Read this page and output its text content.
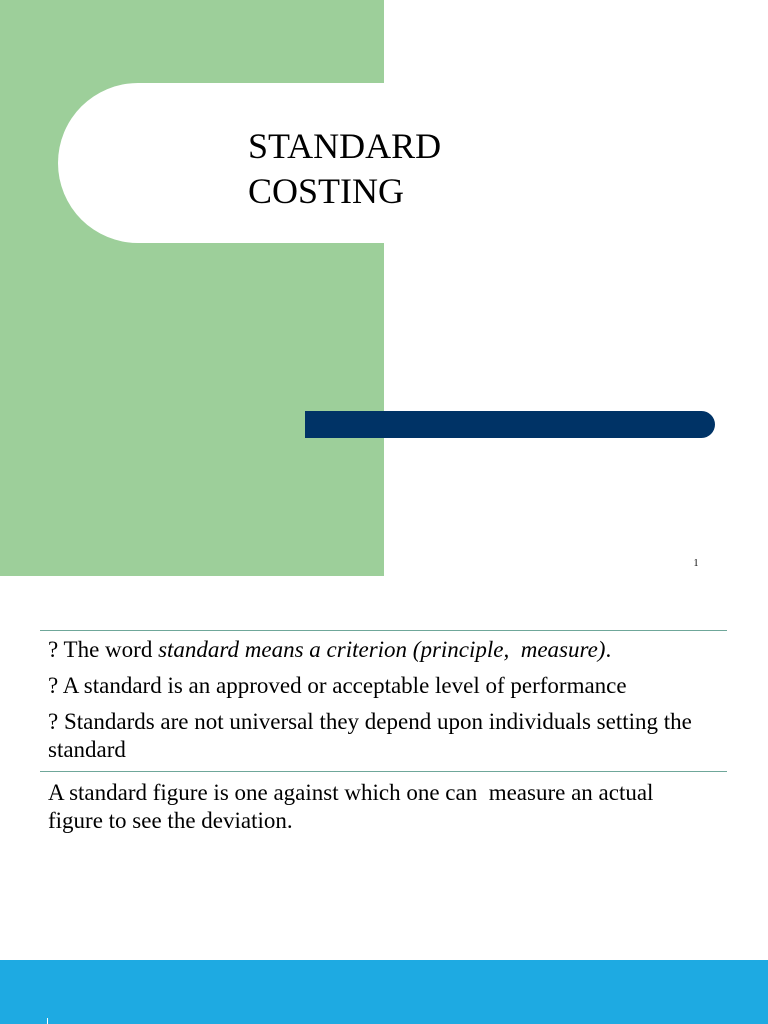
STANDARD
COSTING
1
? The word standard means a criterion (principle,  measure).
? A standard is an approved or acceptable level of performance
? Standards are not universal they depend upon individuals setting the standard
A standard figure is one against which one can  measure an actual figure to see the deviation.
